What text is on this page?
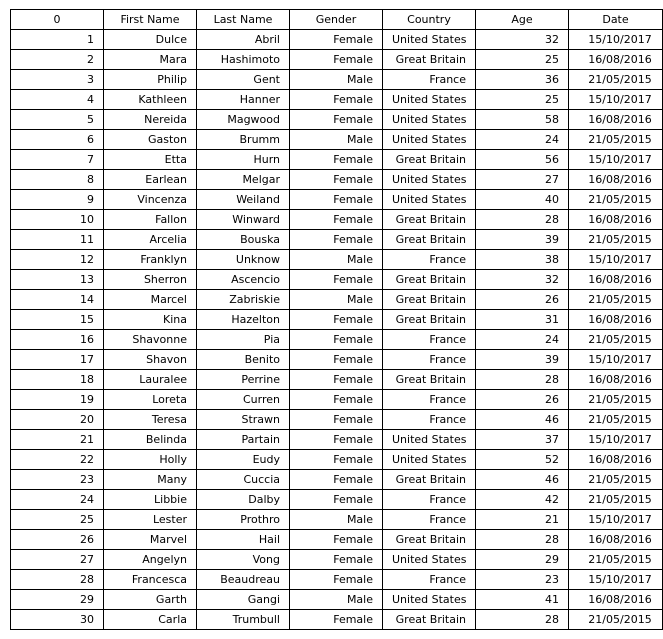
0	First Name	Last Name	Gender	Country	Age	Date
1	Dulce	Abril	Female	United States	32	15/10/2017
2	Mara	Hashimoto	Female	Great Britain	25	16/08/2016
3	Philip	Gent	Male	France	36	21/05/2015
4	Kathleen	Hanner	Female	United States	25	15/10/2017
5	Nereida	Magwood	Female	United States	58	16/08/2016
6	Gaston	Brumm	Male	United States	24	21/05/2015
7	Etta	Hurn	Female	Great Britain	56	15/10/2017
8	Earlean	Melgar	Female	United States	27	16/08/2016
9	Vincenza	Weiland	Female	United States	40	21/05/2015
10	Fallon	Winward	Female	Great Britain	28	16/08/2016
11	Arcelia	Bouska	Female	Great Britain	39	21/05/2015
12	Franklyn	Unknow	Male	France	38	15/10/2017
13	Sherron	Ascencio	Female	Great Britain	32	16/08/2016
14	Marcel	Zabriskie	Male	Great Britain	26	21/05/2015
15	Kina	Hazelton	Female	Great Britain	31	16/08/2016
16	Shavonne	Pia	Female	France	24	21/05/2015
17	Shavon	Benito	Female	France	39	15/10/2017
18	Lauralee	Perrine	Female	Great Britain	28	16/08/2016
19	Loreta	Curren	Female	France	26	21/05/2015
20	Teresa	Strawn	Female	France	46	21/05/2015
21	Belinda	Partain	Female	United States	37	15/10/2017
22	Holly	Eudy	Female	United States	52	16/08/2016
23	Many	Cuccia	Female	Great Britain	46	21/05/2015
24	Libbie	Dalby	Female	France	42	21/05/2015
25	Lester	Prothro	Male	France	21	15/10/2017
26	Marvel	Hail	Female	Great Britain	28	16/08/2016
27	Angelyn	Vong	Female	United States	29	21/05/2015
28	Francesca	Beaudreau	Female	France	23	15/10/2017
29	Garth	Gangi	Male	United States	41	16/08/2016
30	Carla	Trumbull	Female	Great Britain	28	21/05/2015
